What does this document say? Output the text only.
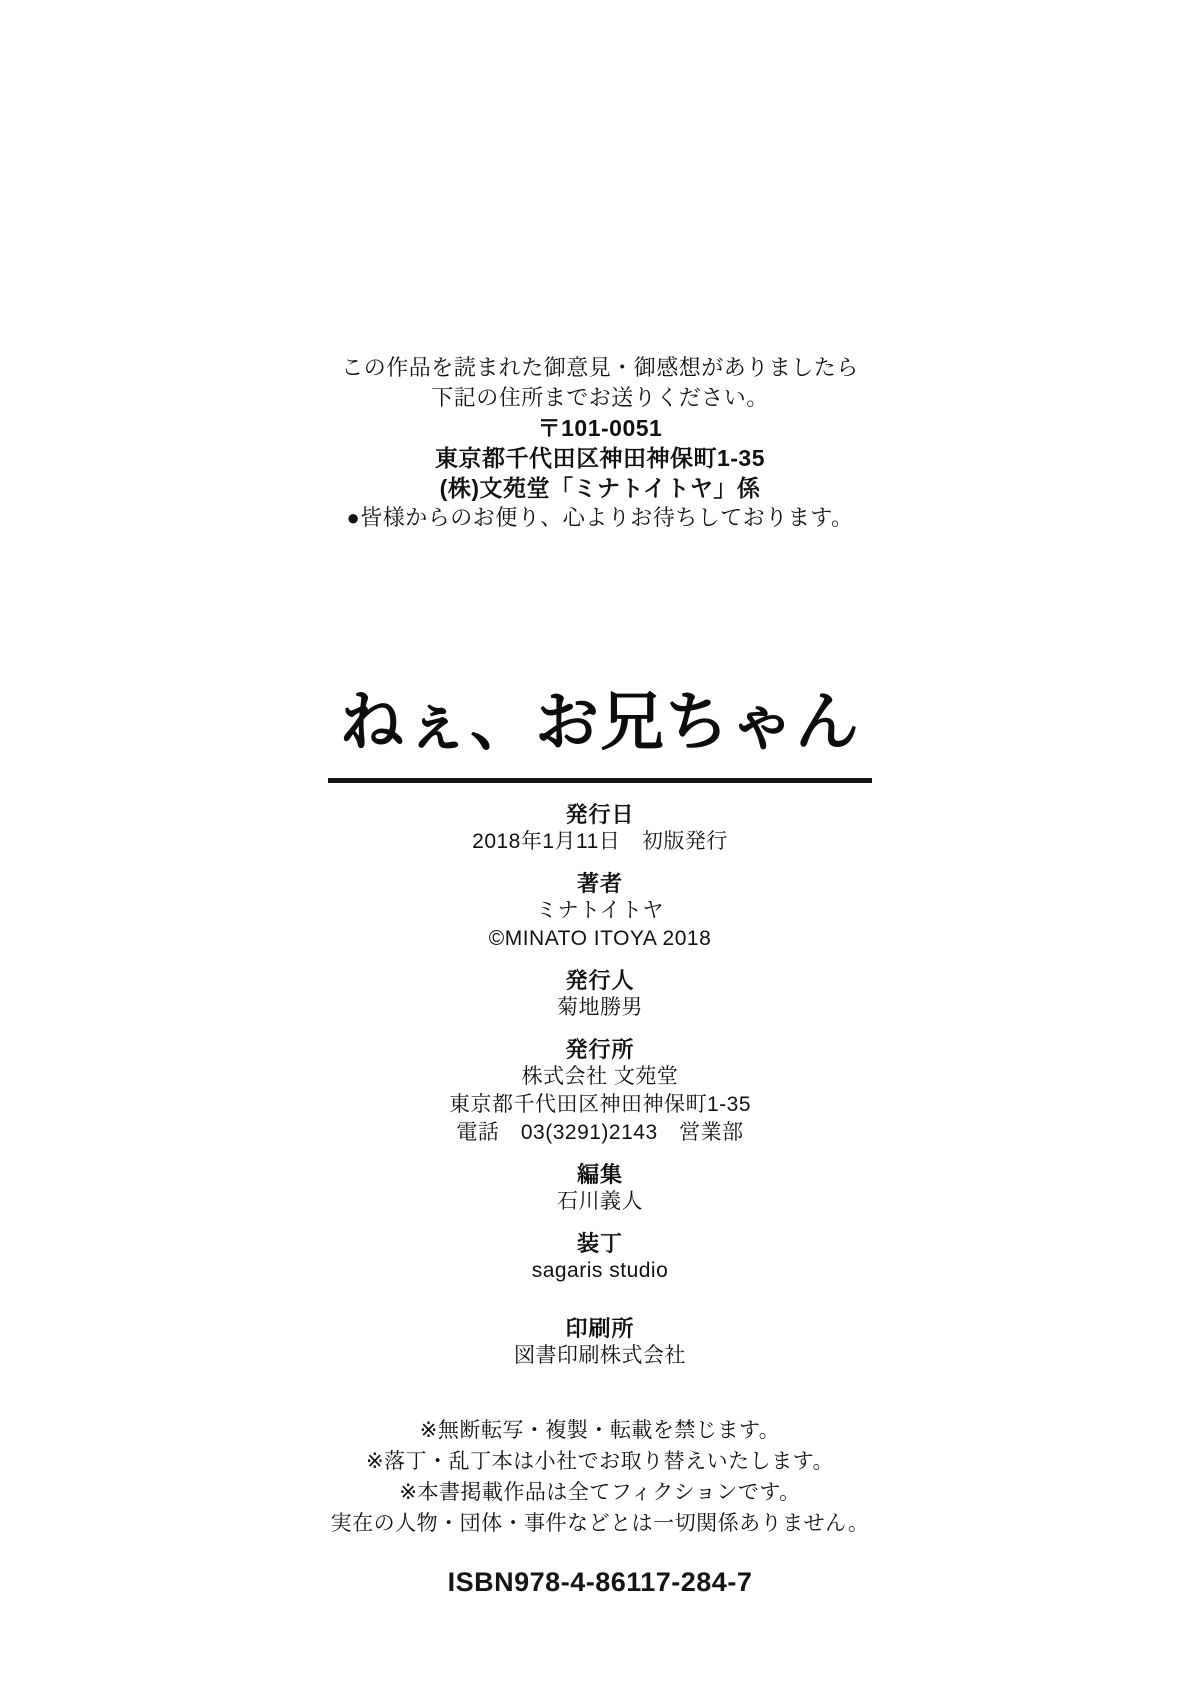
この作品を読まれた御意見・御感想がありましたら

下記の住所までお送りください。

〒101-0051

東京都千代田区神田神保町1-35

(株)文苑堂「ミナトイトヤ」係

●皆様からのお便り、心よりお待ちしております。

ねぇ、お兄ちゃん
発行日

2018年1月11日　初版発行

著者

ミナトイトヤ

©MINATO ITOYA 2018

発行人

菊地勝男

発行所

株式会社 文苑堂

東京都千代田区神田神保町1-35

電話　03(3291)2143　営業部

編集

石川義人

装丁

sagaris studio

印刷所

図書印刷株式会社

※無断転写・複製・転載を禁じます。

※落丁・乱丁本は小社でお取り替えいたします。

※本書掲載作品は全てフィクションです。

実在の人物・団体・事件などとは一切関係ありません。

ISBN978-4-86117-284-7
